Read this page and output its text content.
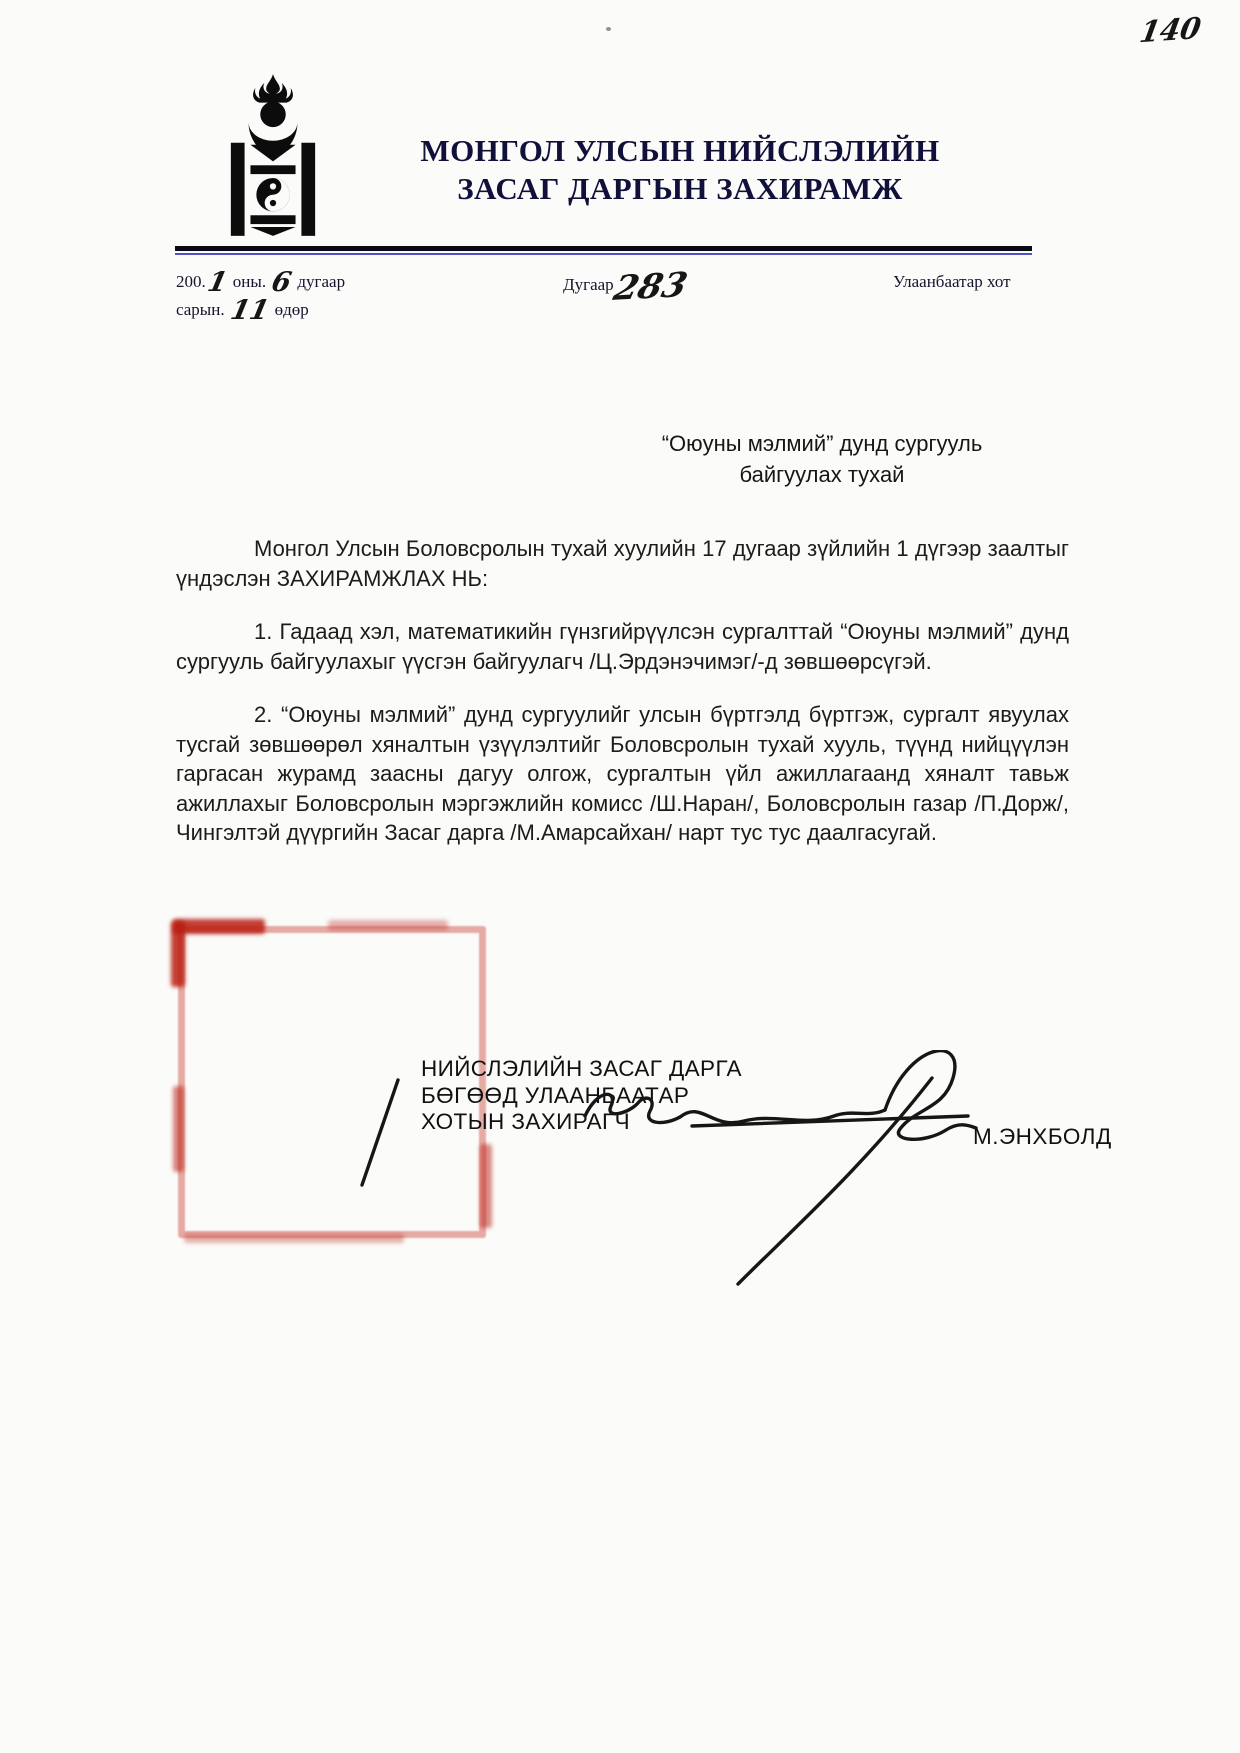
140
МОНГОЛ УЛСЫН НИЙСЛЭЛИЙН
ЗАСАГ ДАРГЫН ЗАХИРАМЖ
200.1 оны. 6 дугаар
сарын. 11 өдөр
Дугаар283	Улаанбаатар хот
“Оюуны мэлмий” дунд сургууль
байгуулах тухай
Монгол Улсын Боловсролын тухай хуулийн 17 дугаар зүйлийн 1 дүгээр заалтыг үндэслэн ЗАХИРАМЖЛАХ НЬ:
1. Гадаад хэл, математикийн гүнзгийрүүлсэн сургалттай “Оюуны мэлмий” дунд сургууль байгуулахыг үүсгэн байгуулагч /Ц.Эрдэнэчимэг/-д зөвшөөрсүгэй.
2. “Оюуны мэлмий” дунд сургуулийг улсын бүртгэлд бүртгэж, сургалт явуулах тусгай зөвшөөрөл хяналтын үзүүлэлтийг Боловсролын тухай хууль, түүнд нийцүүлэн гаргасан журамд заасны дагуу олгож, сургалтын үйл ажиллагаанд хяналт тавьж ажиллахыг Боловсролын мэргэжлийн комисс /Ш.Наран/, Боловсролын газар /П.Дорж/, Чингэлтэй дүүргийн Засаг дарга /М.Амарсайхан/ нарт тус тус даалгасугай.
НИЙСЛЭЛИЙН ЗАСАГ ДАРГА
БӨГӨӨД УЛААНБААТАР
ХОТЫН ЗАХИРАГЧ
М.ЭНХБОЛД
